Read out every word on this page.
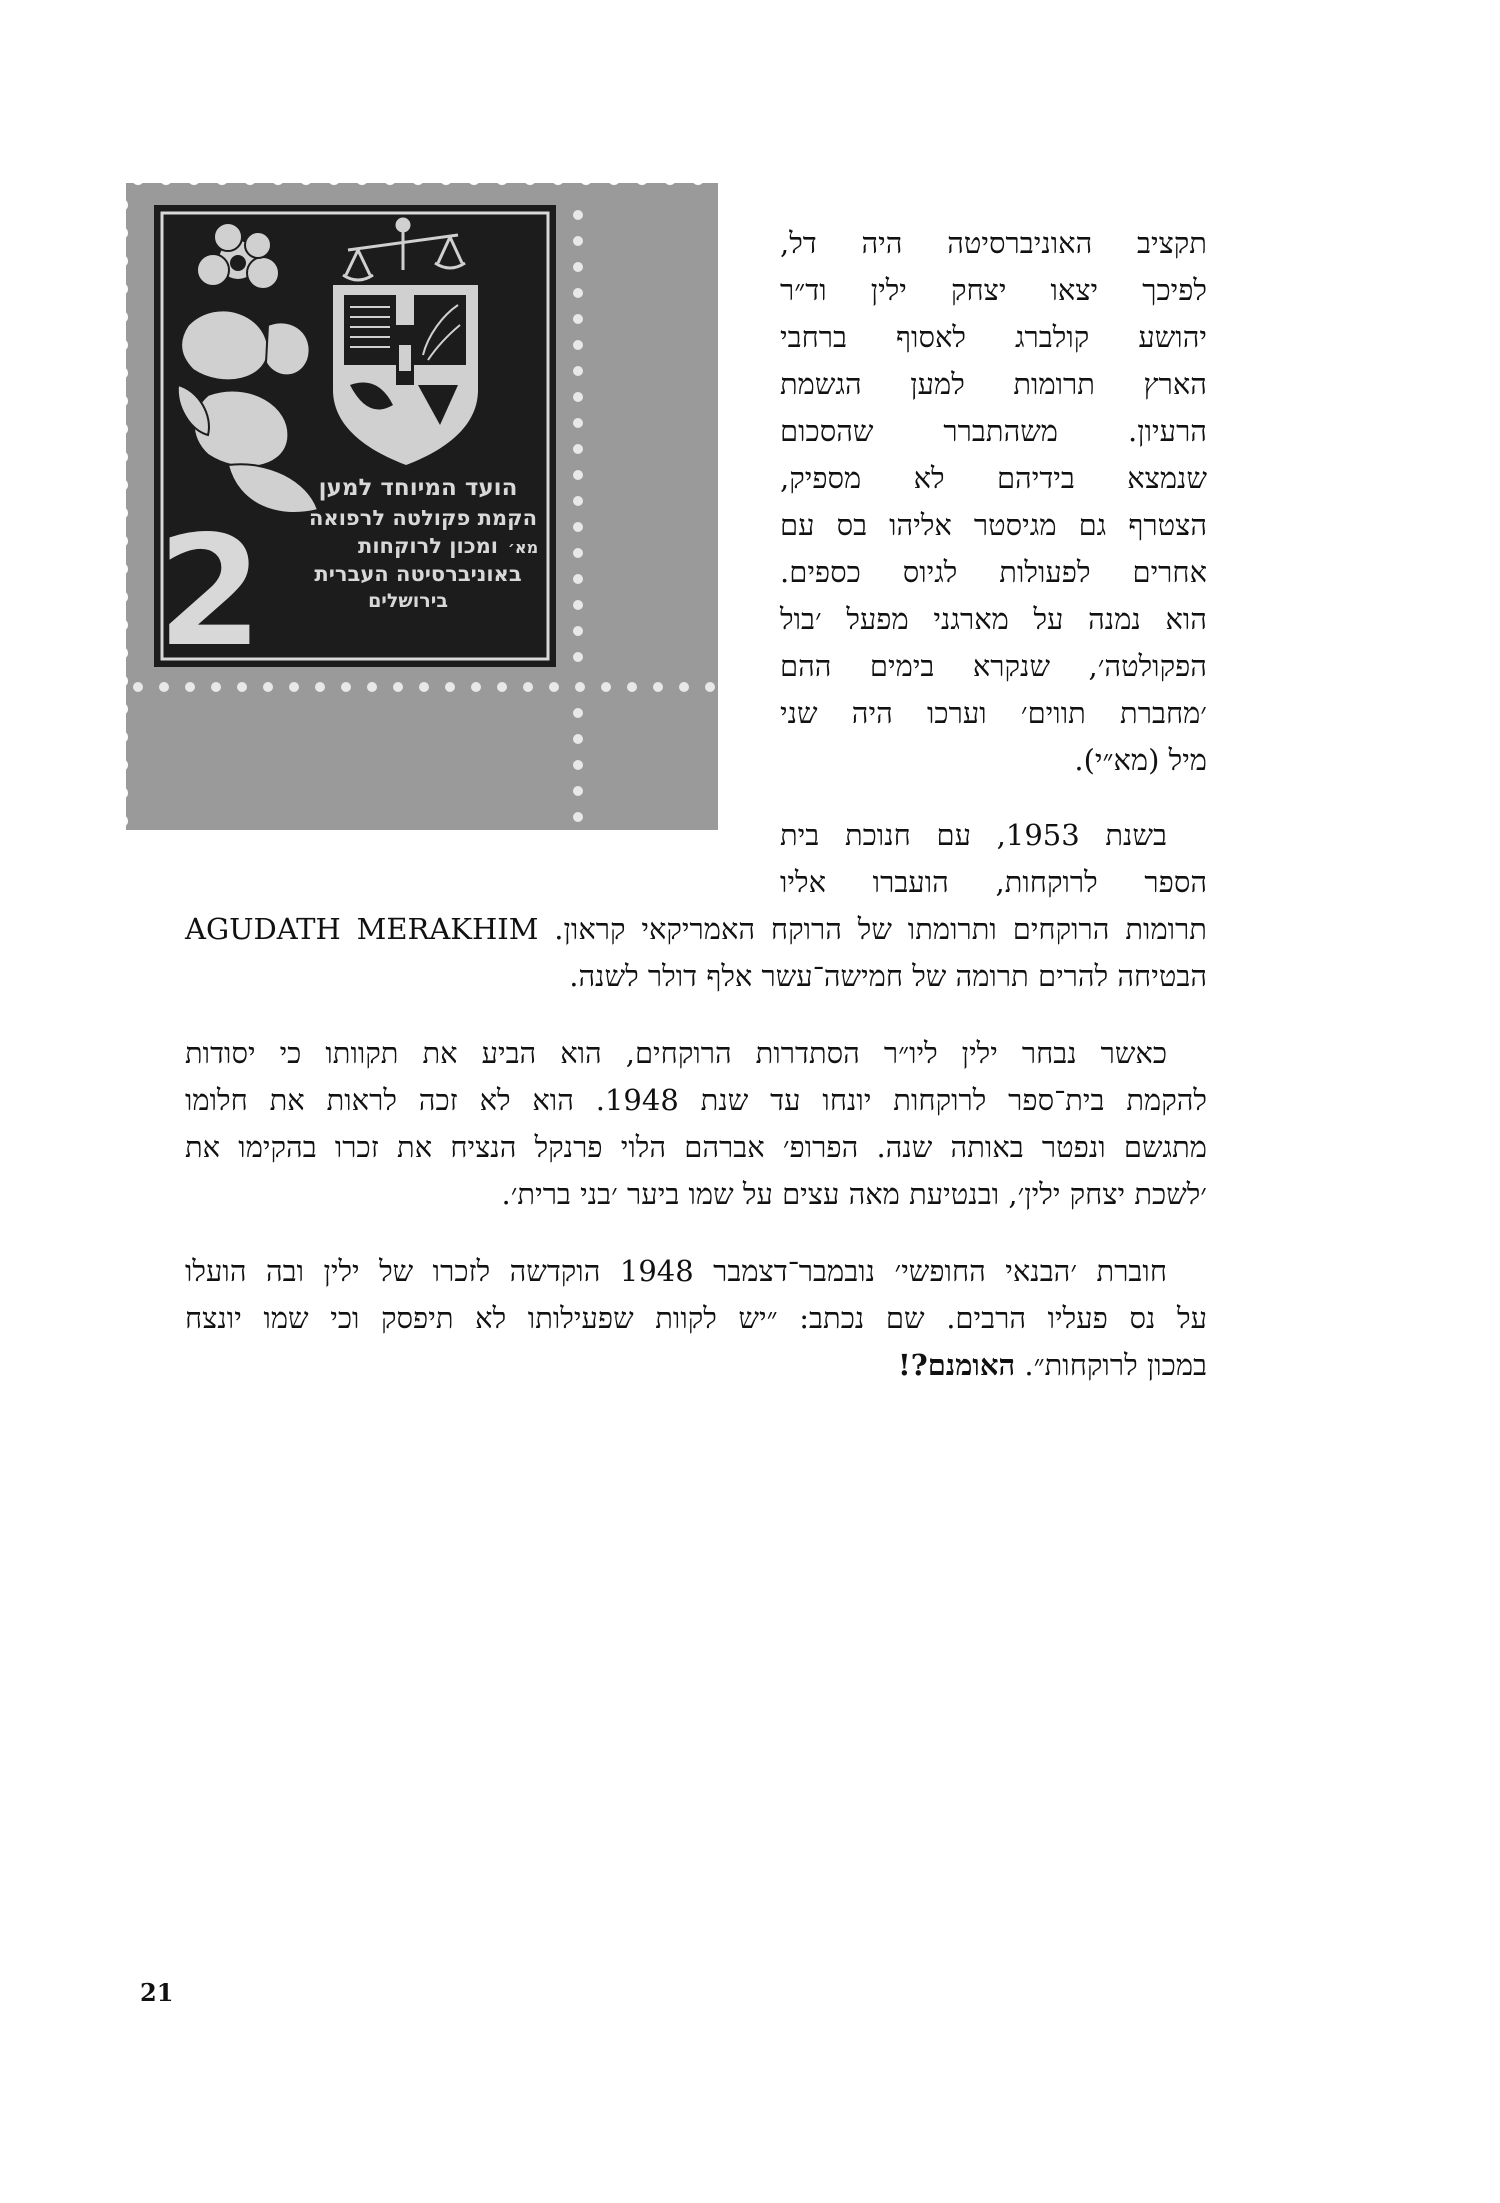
2
הועד המיוחד למען
הקמת פקולטה לרפואה
ומכון לרוקחות
באוניברסיטה העברית
בירושלים
מא׳
תקציב האוניברסיטה היה דל,
לפיכך יצאו יצחק ילין וד״ר
יהושע קולברג לאסוף ברחבי
הארץ תרומות למען הגשמת
הרעיון. משהתברר שהסכום
שנמצא בידיהם לא מספיק,
הצטרף גם מגיסטר אליהו בס עם
אחרים לפעולות לגיוס כספים.
הוא נמנה על מארגני מפעל ׳בול
הפקולטה׳, שנקרא בימים ההם
׳מחברת תווים׳ וערכו היה שני
מיל (מא״י).
בשנת 1953, עם חנוכת בית
הספר לרוקחות, הועברו אליו
תרומות הרוקחים ותרומתו של הרוקח האמריקאי קראון. AGUDATH MERAKHIM
הבטיחה להרים תרומה של חמישה־עשר אלף דולר לשנה.
כאשר נבחר ילין ליו״ר הסתדרות הרוקחים, הוא הביע את תקוותו כי יסודות
להקמת בית־ספר לרוקחות יונחו עד שנת 1948. הוא לא זכה לראות את חלומו
מתגשם ונפטר באותה שנה. הפרופ׳ אברהם הלוי פרנקל הנציח את זכרו בהקימו את
׳לשכת יצחק ילין׳, ובנטיעת מאה עצים על שמו ביער ׳בני ברית׳.
חוברת ׳הבנאי החופשי׳ נובמבר־דצמבר 1948 הוקדשה לזכרו של ילין ובה הועלו
על נס פעליו הרבים. שם נכתב: ״יש לקוות שפעילותו לא תיפסק וכי שמו יונצח
במכון לרוקחות״. האומנם?!
21
